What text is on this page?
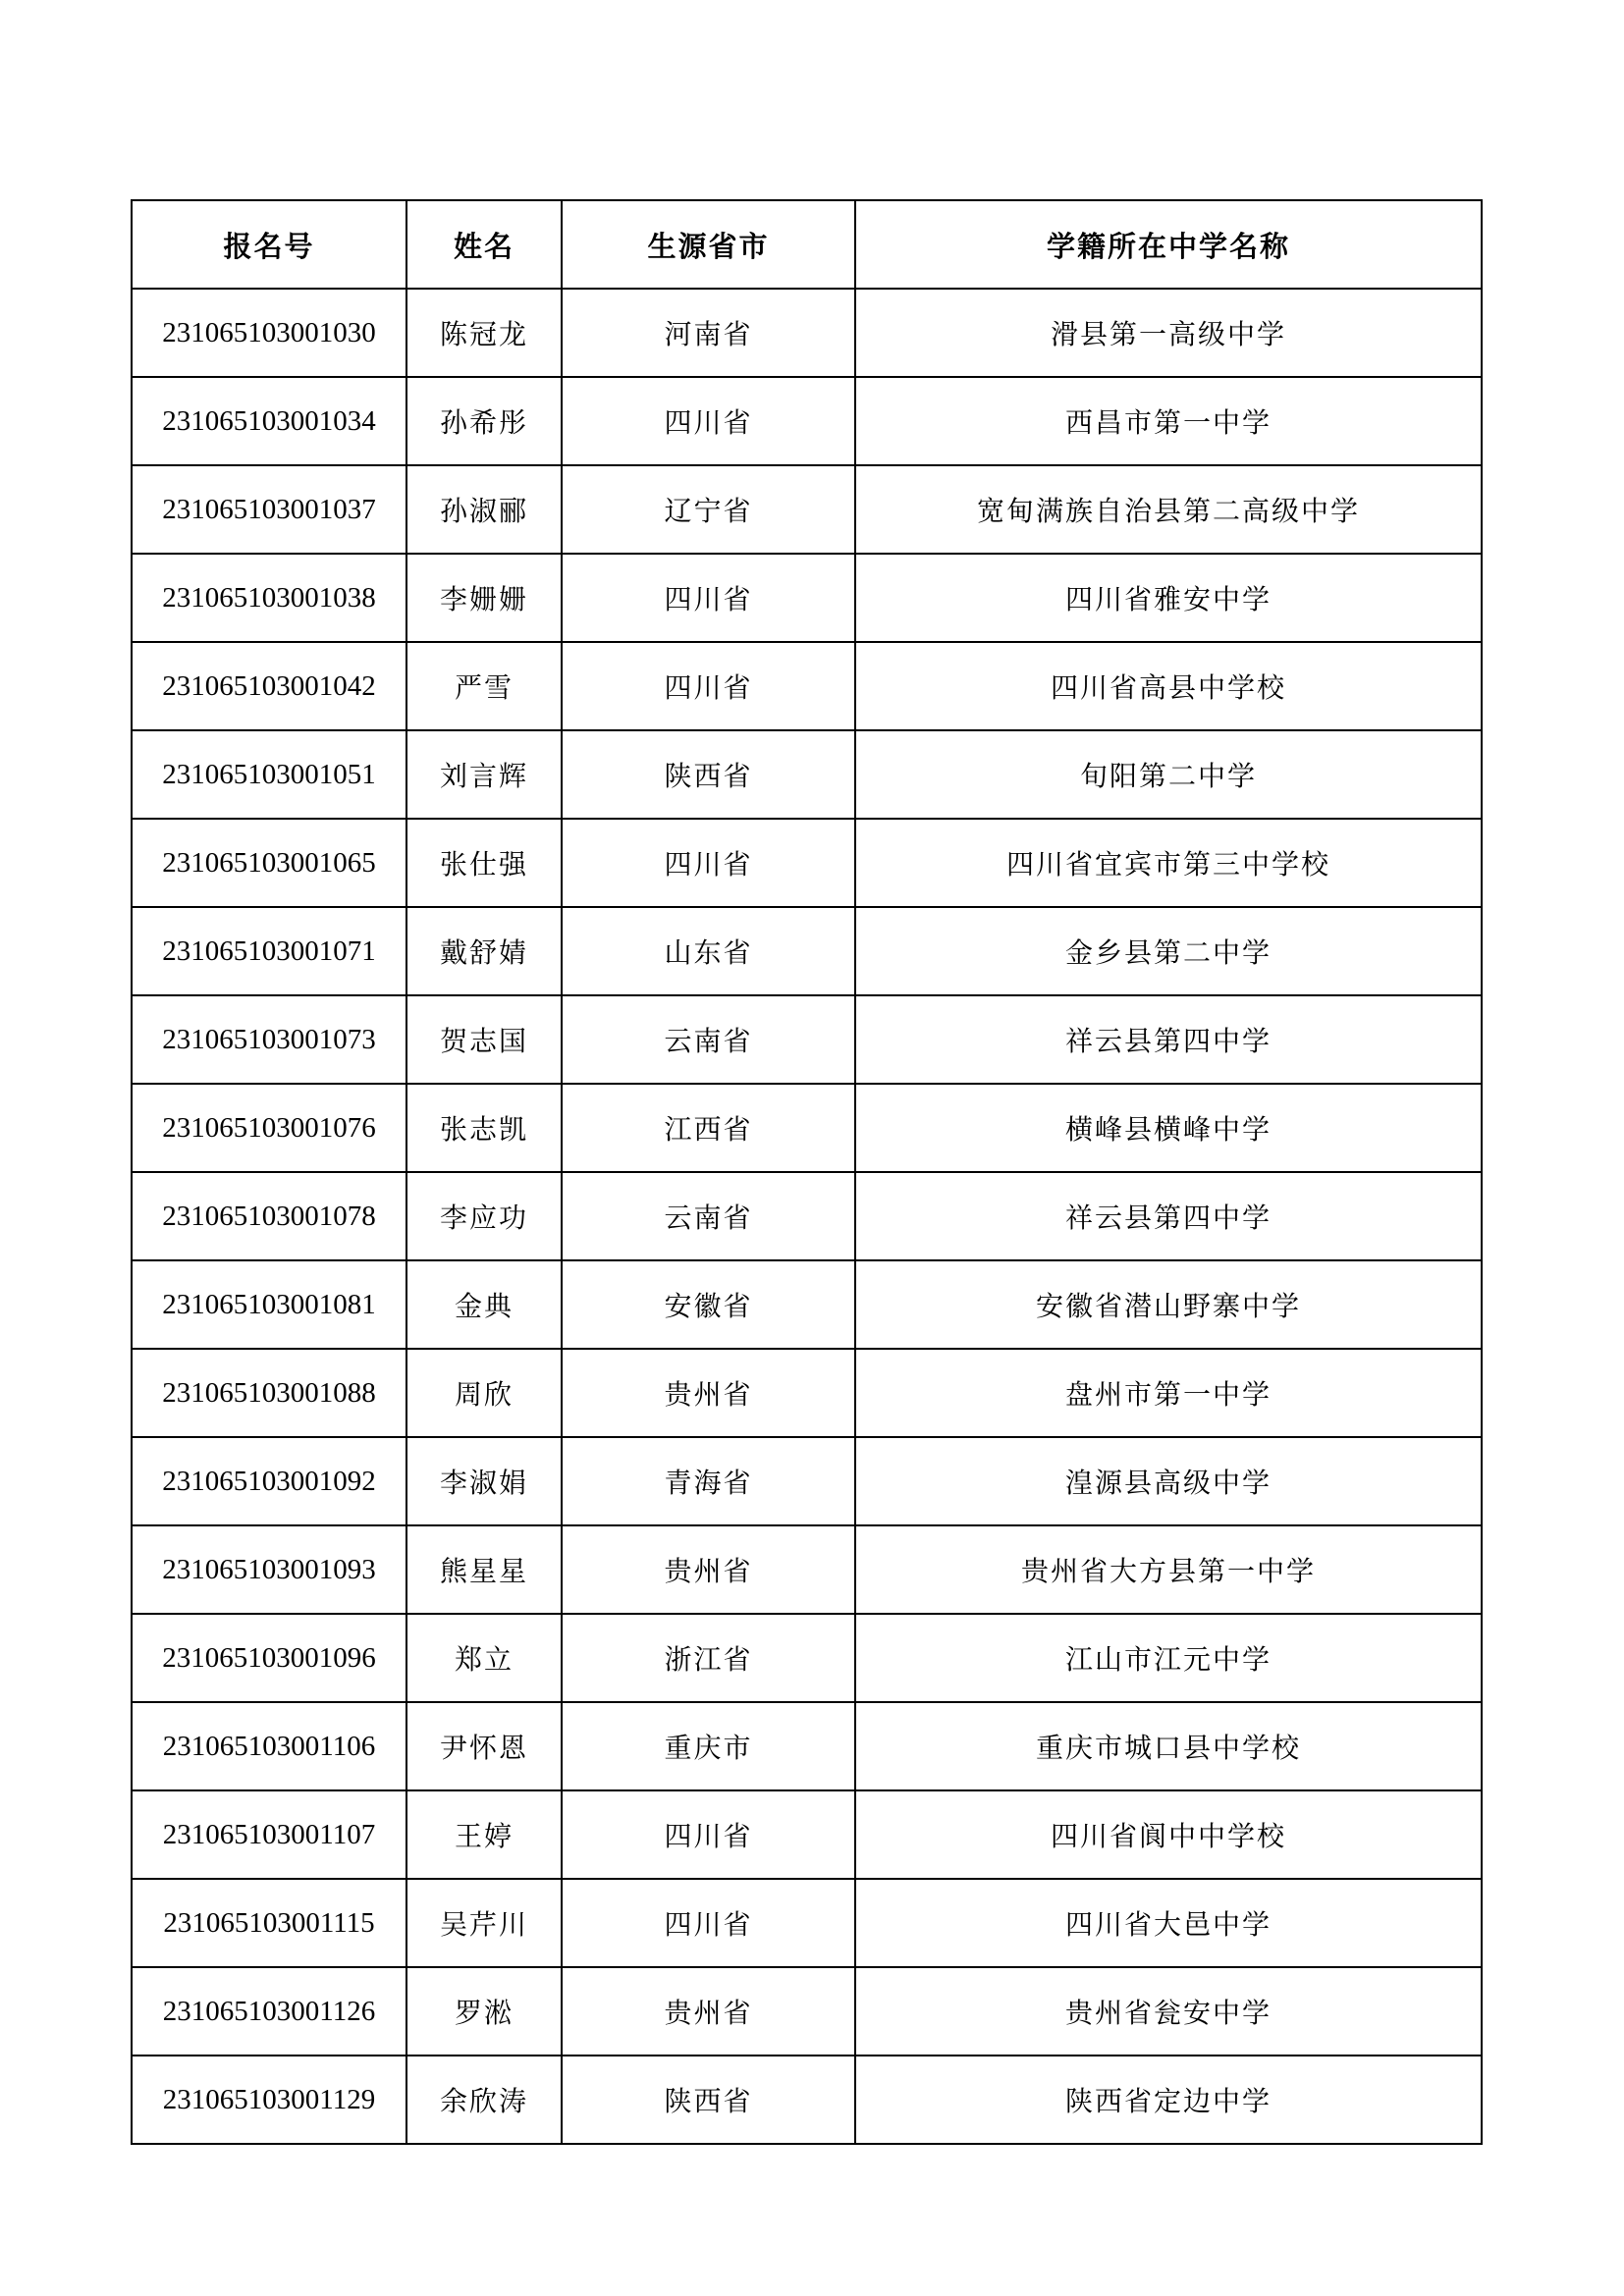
报名号	姓名	生源省市	学籍所在中学名称
231065103001030	陈冠龙	河南省	滑县第一高级中学
231065103001034	孙希彤	四川省	西昌市第一中学
231065103001037	孙淑郦	辽宁省	宽甸满族自治县第二高级中学
231065103001038	李姗姗	四川省	四川省雅安中学
231065103001042	严雪	四川省	四川省高县中学校
231065103001051	刘言辉	陕西省	旬阳第二中学
231065103001065	张仕强	四川省	四川省宜宾市第三中学校
231065103001071	戴舒婧	山东省	金乡县第二中学
231065103001073	贺志国	云南省	祥云县第四中学
231065103001076	张志凯	江西省	横峰县横峰中学
231065103001078	李应功	云南省	祥云县第四中学
231065103001081	金典	安徽省	安徽省潜山野寨中学
231065103001088	周欣	贵州省	盘州市第一中学
231065103001092	李淑娟	青海省	湟源县高级中学
231065103001093	熊星星	贵州省	贵州省大方县第一中学
231065103001096	郑立	浙江省	江山市江元中学
231065103001106	尹怀恩	重庆市	重庆市城口县中学校
231065103001107	王婷	四川省	四川省阆中中学校
231065103001115	吴芹川	四川省	四川省大邑中学
231065103001126	罗淞	贵州省	贵州省瓮安中学
231065103001129	余欣涛	陕西省	陕西省定边中学
